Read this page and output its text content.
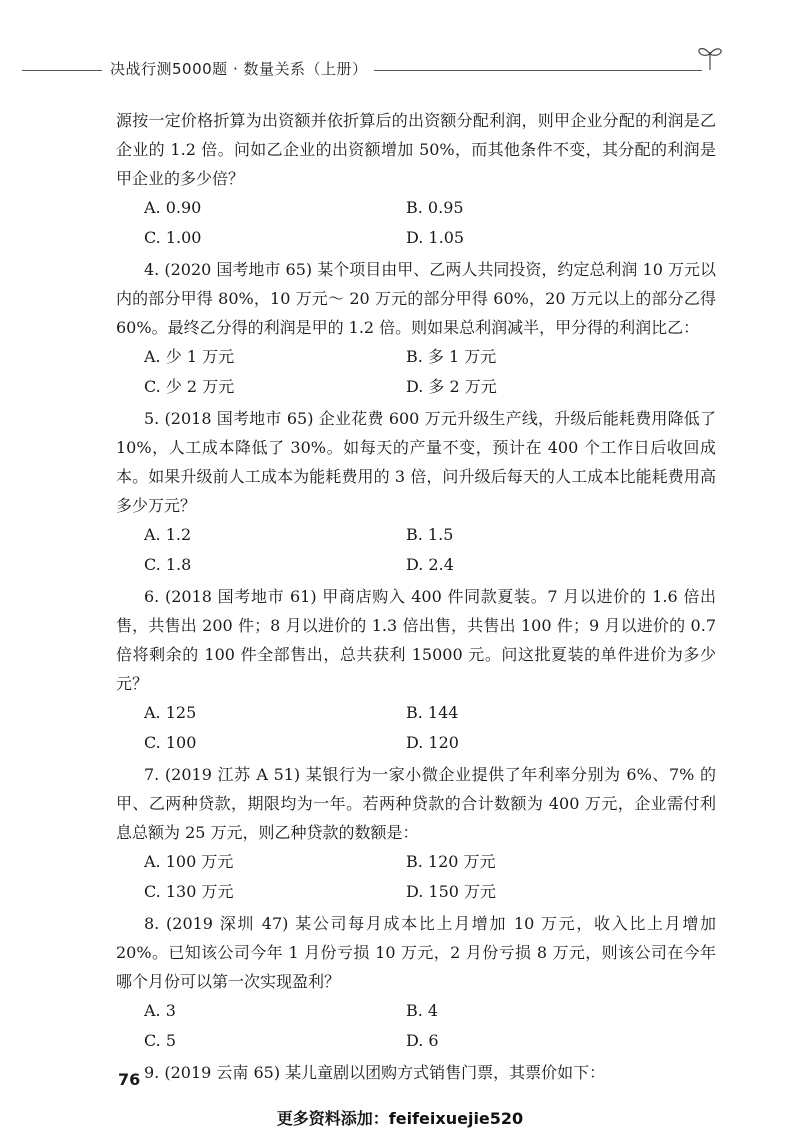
决战行测5000题 · 数量关系（上册）

源按一定价格折算为出资额并依折算后的出资额分配利润，则甲企业分配的利润是乙企业的 1.2 倍。问如乙企业的出资额增加 50%，而其他条件不变，其分配的利润是甲企业的多少倍？

A. 0.90	B. 0.95
C. 1.00	D. 1.05

4. (2020 国考地市 65) 某个项目由甲、乙两人共同投资，约定总利润 10 万元以内的部分甲得 80%，10 万元～ 20 万元的部分甲得 60%，20 万元以上的部分乙得 60%。最终乙分得的利润是甲的 1.2 倍。则如果总利润减半，甲分得的利润比乙：

A. 少 1 万元	B. 多 1 万元
C. 少 2 万元	D. 多 2 万元

5. (2018 国考地市 65) 企业花费 600 万元升级生产线，升级后能耗费用降低了 10%，人工成本降低了 30%。如每天的产量不变，预计在 400 个工作日后收回成本。如果升级前人工成本为能耗费用的 3 倍，问升级后每天的人工成本比能耗费用高多少万元？

A. 1.2	B. 1.5
C. 1.8	D. 2.4

6. (2018 国考地市 61) 甲商店购入 400 件同款夏装。7 月以进价的 1.6 倍出售，共售出 200 件；8 月以进价的 1.3 倍出售，共售出 100 件；9 月以进价的 0.7 倍将剩余的 100 件全部售出，总共获利 15000 元。问这批夏装的单件进价为多少元？

A. 125	B. 144
C. 100	D. 120

7. (2019 江苏 A 51) 某银行为一家小微企业提供了年利率分别为 6%、7% 的甲、乙两种贷款，期限均为一年。若两种贷款的合计数额为 400 万元，企业需付利息总额为 25 万元，则乙种贷款的数额是：

A. 100 万元	B. 120 万元
C. 130 万元	D. 150 万元

8. (2019 深圳 47) 某公司每月成本比上月增加 10 万元，收入比上月增加 20%。已知该公司今年 1 月份亏损 10 万元，2 月份亏损 8 万元，则该公司在今年哪个月份可以第一次实现盈利？

A. 3	B. 4
C. 5	D. 6

9. (2019 云南 65) 某儿童剧以团购方式销售门票，其票价如下：

76
更多资料添加：feifeixuejie520
